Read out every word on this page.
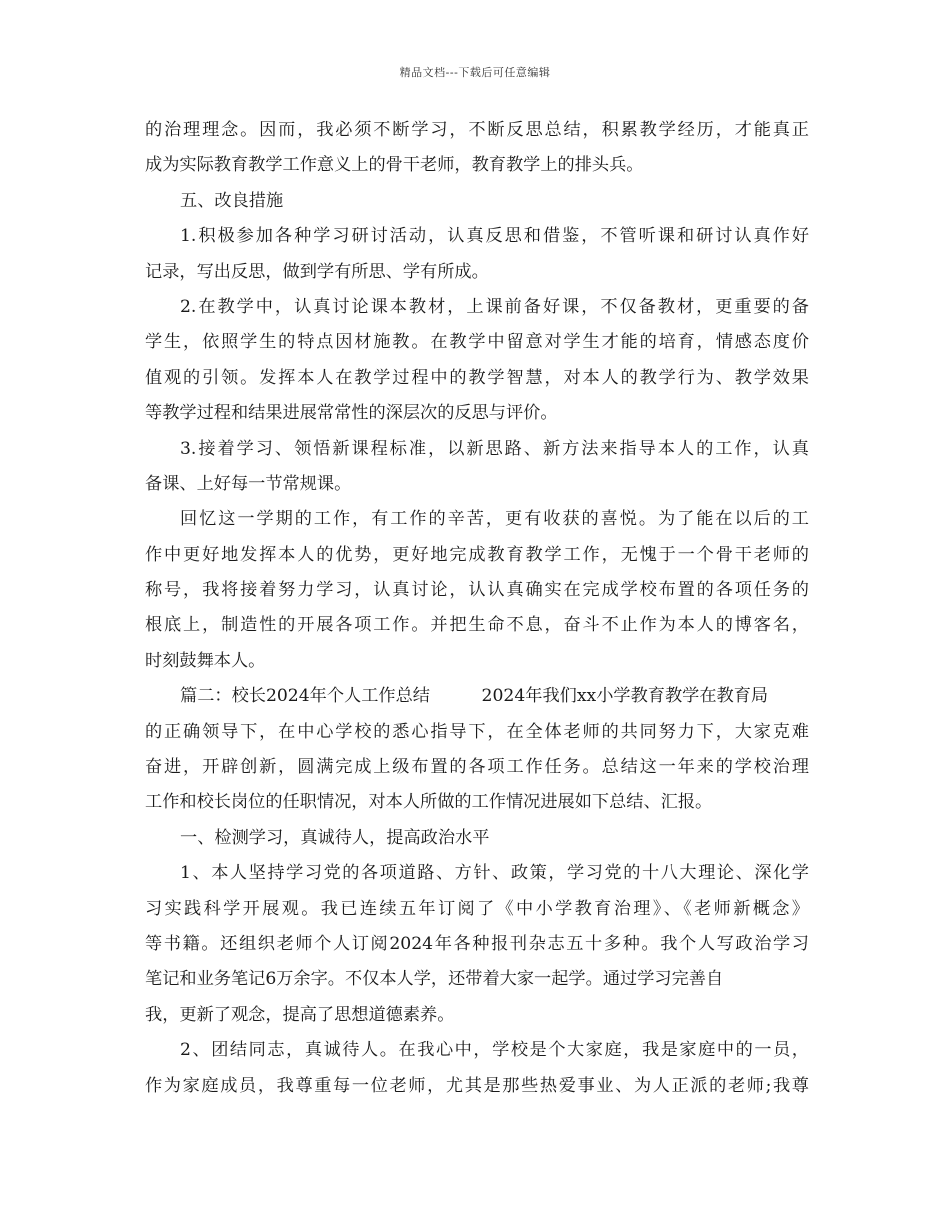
精品文档---下载后可任意编辑
的治理理念。因而，我必须不断学习，不断反思总结，积累教学经历，才能真正
成为实际教育教学工作意义上的骨干老师，教育教学上的排头兵。
五、改良措施
1.积极参加各种学习研讨活动，认真反思和借鉴，不管听课和研讨认真作好
记录，写出反思，做到学有所思、学有所成。
2.在教学中，认真讨论课本教材，上课前备好课，不仅备教材，更重要的备
学生，依照学生的特点因材施教。在教学中留意对学生才能的培育，情感态度价
值观的引领。发挥本人在教学过程中的教学智慧，对本人的教学行为、教学效果
等教学过程和结果进展常常性的深层次的反思与评价。
3.接着学习、领悟新课程标准，以新思路、新方法来指导本人的工作，认真
备课、上好每一节常规课。
回忆这一学期的工作，有工作的辛苦，更有收获的喜悦。为了能在以后的工
作中更好地发挥本人的优势，更好地完成教育教学工作，无愧于一个骨干老师的
称号，我将接着努力学习，认真讨论，认认真确实在完成学校布置的各项任务的
根底上，制造性的开展各项工作。并把生命不息，奋斗不止作为本人的博客名，
时刻鼓舞本人。
篇二：校长2024年个人工作总结　　　2024年我们xx小学教育教学在教育局
的正确领导下，在中心学校的悉心指导下，在全体老师的共同努力下，大家克难
奋进，开辟创新，圆满完成上级布置的各项工作任务。总结这一年来的学校治理
工作和校长岗位的任职情况，对本人所做的工作情况进展如下总结、汇报。
一、检测学习，真诚待人，提高政治水平
1、本人坚持学习党的各项道路、方针、政策，学习党的十八大理论、深化学
习实践科学开展观。我已连续五年订阅了《中小学教育治理》、《老师新概念》
等书籍。还组织老师个人订阅2024年各种报刊杂志五十多种。我个人写政治学习
笔记和业务笔记6万余字。不仅本人学，还带着大家一起学。通过学习完善自
我，更新了观念，提高了思想道德素养。
2、团结同志，真诚待人。在我心中，学校是个大家庭，我是家庭中的一员，
作为家庭成员，我尊重每一位老师，尤其是那些热爱事业、为人正派的老师;我尊
